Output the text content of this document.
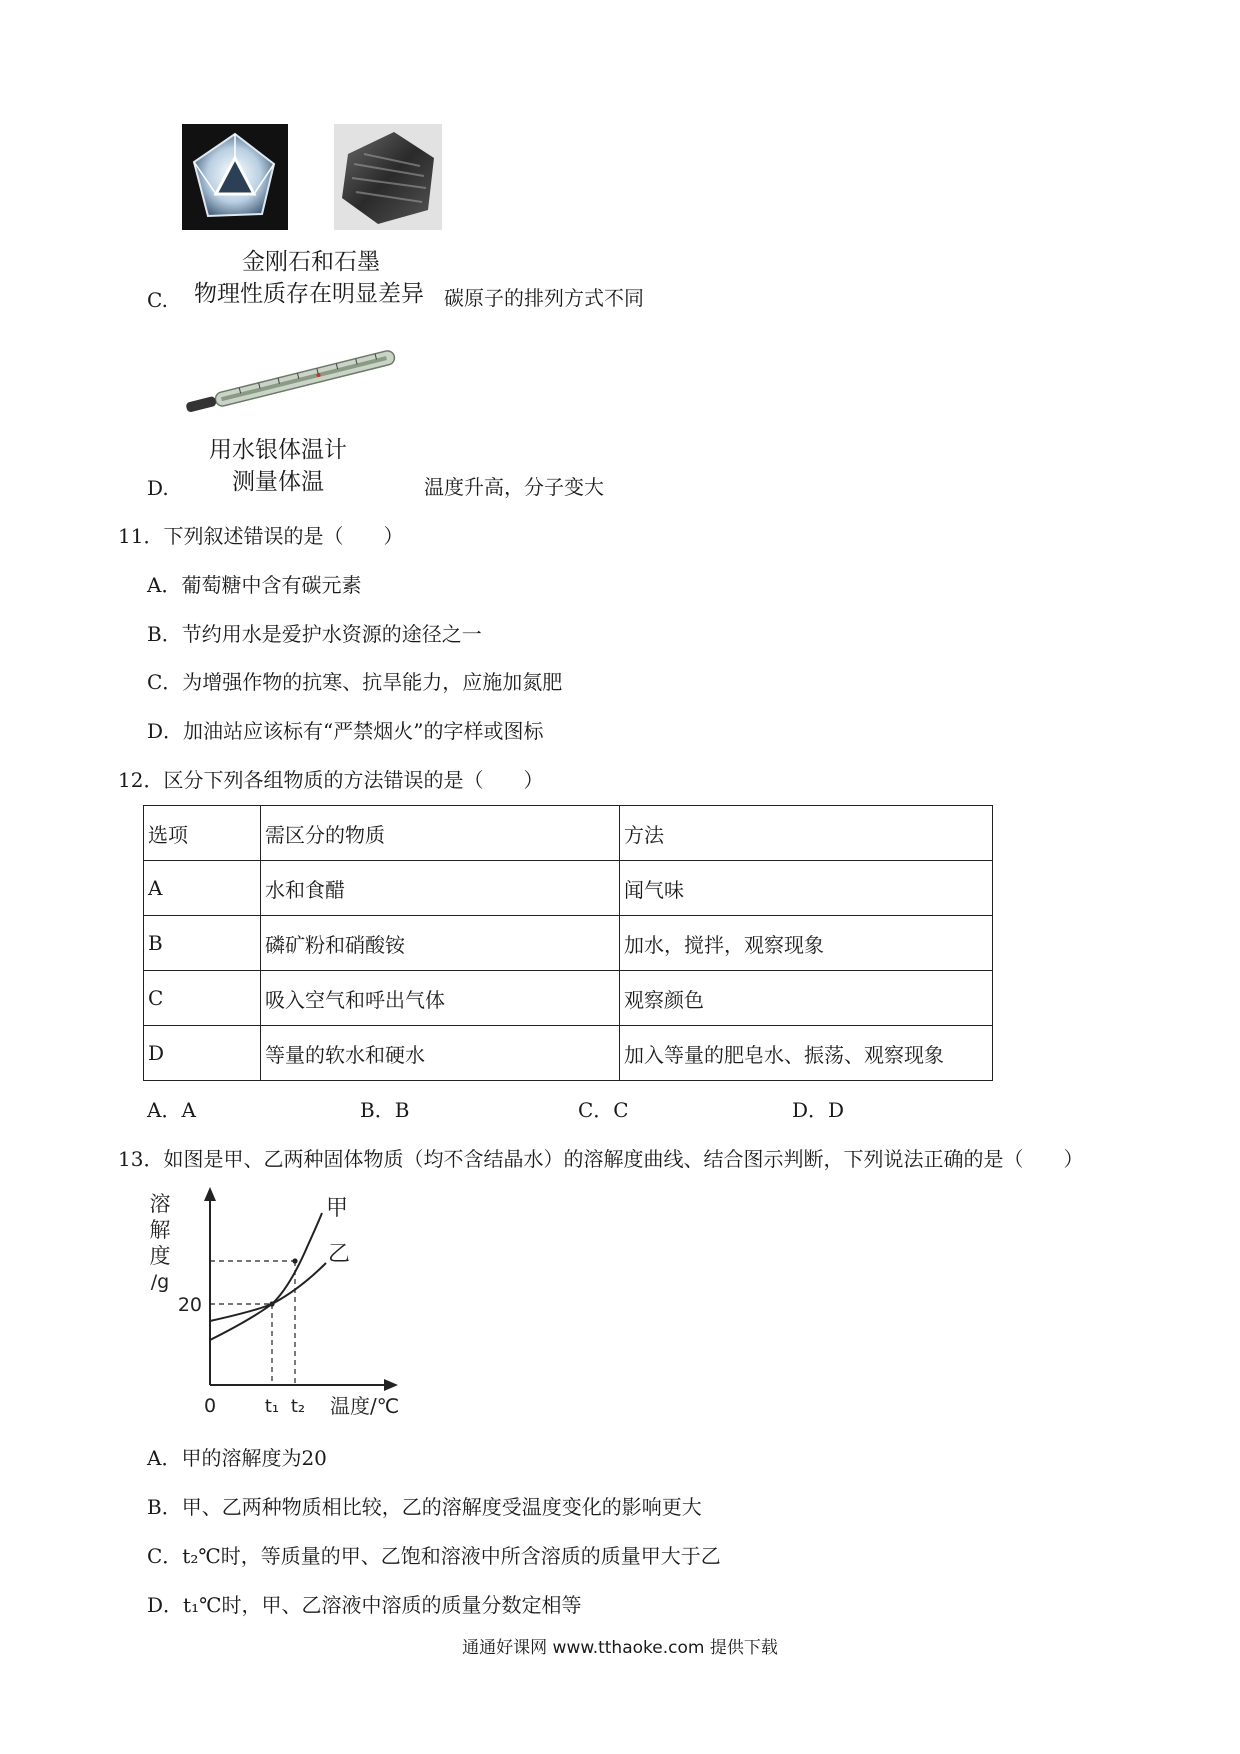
金刚石和石墨
物理性质存在明显差异
C.	碳原子的排列方式不同
用水银体温计
测量体温
D.	温度升高，分子变大
11．下列叙述错误的是（　　）
A．葡萄糖中含有碳元素
B．节约用水是爱护水资源的途径之一
C．为增强作物的抗寒、抗旱能力，应施加氮肥
D．加油站应该标有“严禁烟火”的字样或图标
12．区分下列各组物质的方法错误的是（　　）
选项	需区分的物质	方法
A	水和食醋	闻气味
B	磷矿粉和硝酸铵	加水，搅拌，观察现象
C	吸入空气和呼出气体	观察颜色
D	等量的软水和硬水	加入等量的肥皂水、振荡、观察现象
A．A	B．B	C．C	D．D
13．如图是甲、乙两种固体物质（均不含结晶水）的溶解度曲线、结合图示判断，下列说法正确的是（　　）
溶
解
度
/g
甲
乙
20
0	t₁ t₂ 温度/℃
A．甲的溶解度为20
B．甲、乙两种物质相比较，乙的溶解度受温度变化的影响更大
C．t₂℃时，等质量的甲、乙饱和溶液中所含溶质的质量甲大于乙
D．t₁℃时，甲、乙溶液中溶质的质量分数定相等
通通好课网 www.tthaoke.com 提供下载
